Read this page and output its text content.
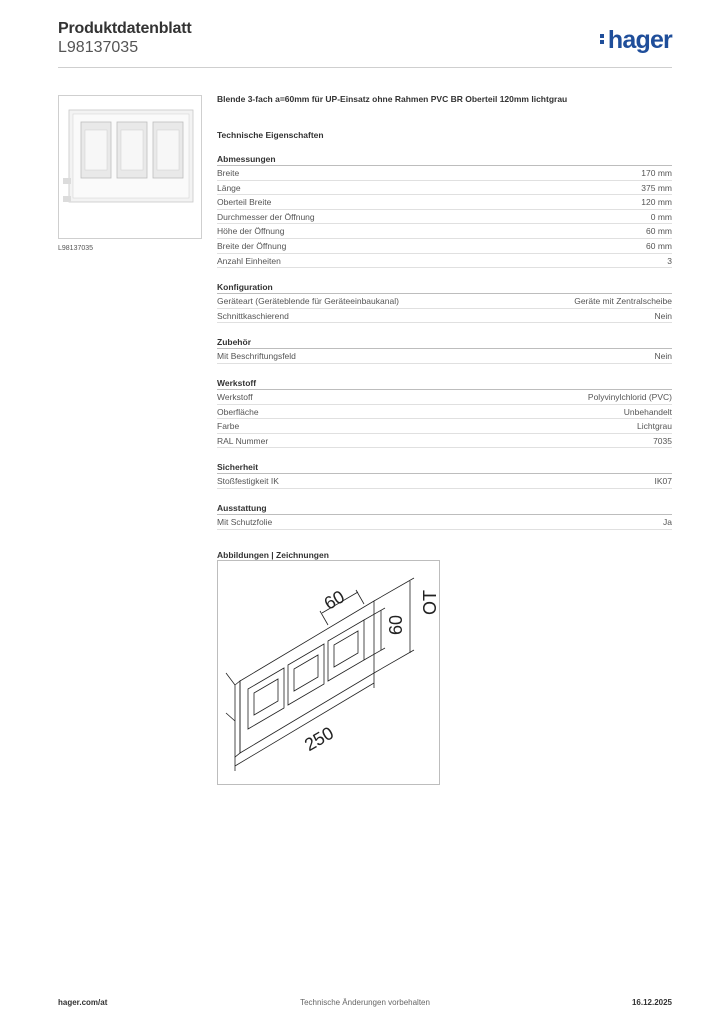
Produktdatenblatt
L98137035	hager
L98137035
Blende 3-fach a=60mm für UP-Einsatz ohne Rahmen PVC BR Oberteil 120mm lichtgrau
Technische Eigenschaften
Abmessungen
Breite	170 mm
Länge	375 mm
Oberteil Breite	120 mm
Durchmesser der Öffnung	0 mm
Höhe der Öffnung	60 mm
Breite der Öffnung	60 mm
Anzahl Einheiten	3
Konfiguration
Geräteart (Geräteblende für Geräteeinbaukanal)	Geräte mit Zentralscheibe
Schnittkaschierend	Nein
Zubehör
Mit Beschriftungsfeld	Nein
Werkstoff
Werkstoff	Polyvinylchlorid (PVC)
Oberfläche	Unbehandelt
Farbe	Lichtgrau
RAL Nummer	7035
Sicherheit
Stoßfestigkeit IK	IK07
Ausstattung
Mit Schutzfolie	Ja
Abbildungen | Zeichnungen
60
60
OT
250
Technische Änderungen vorbehalten
hager.com/at	16.12.2025
